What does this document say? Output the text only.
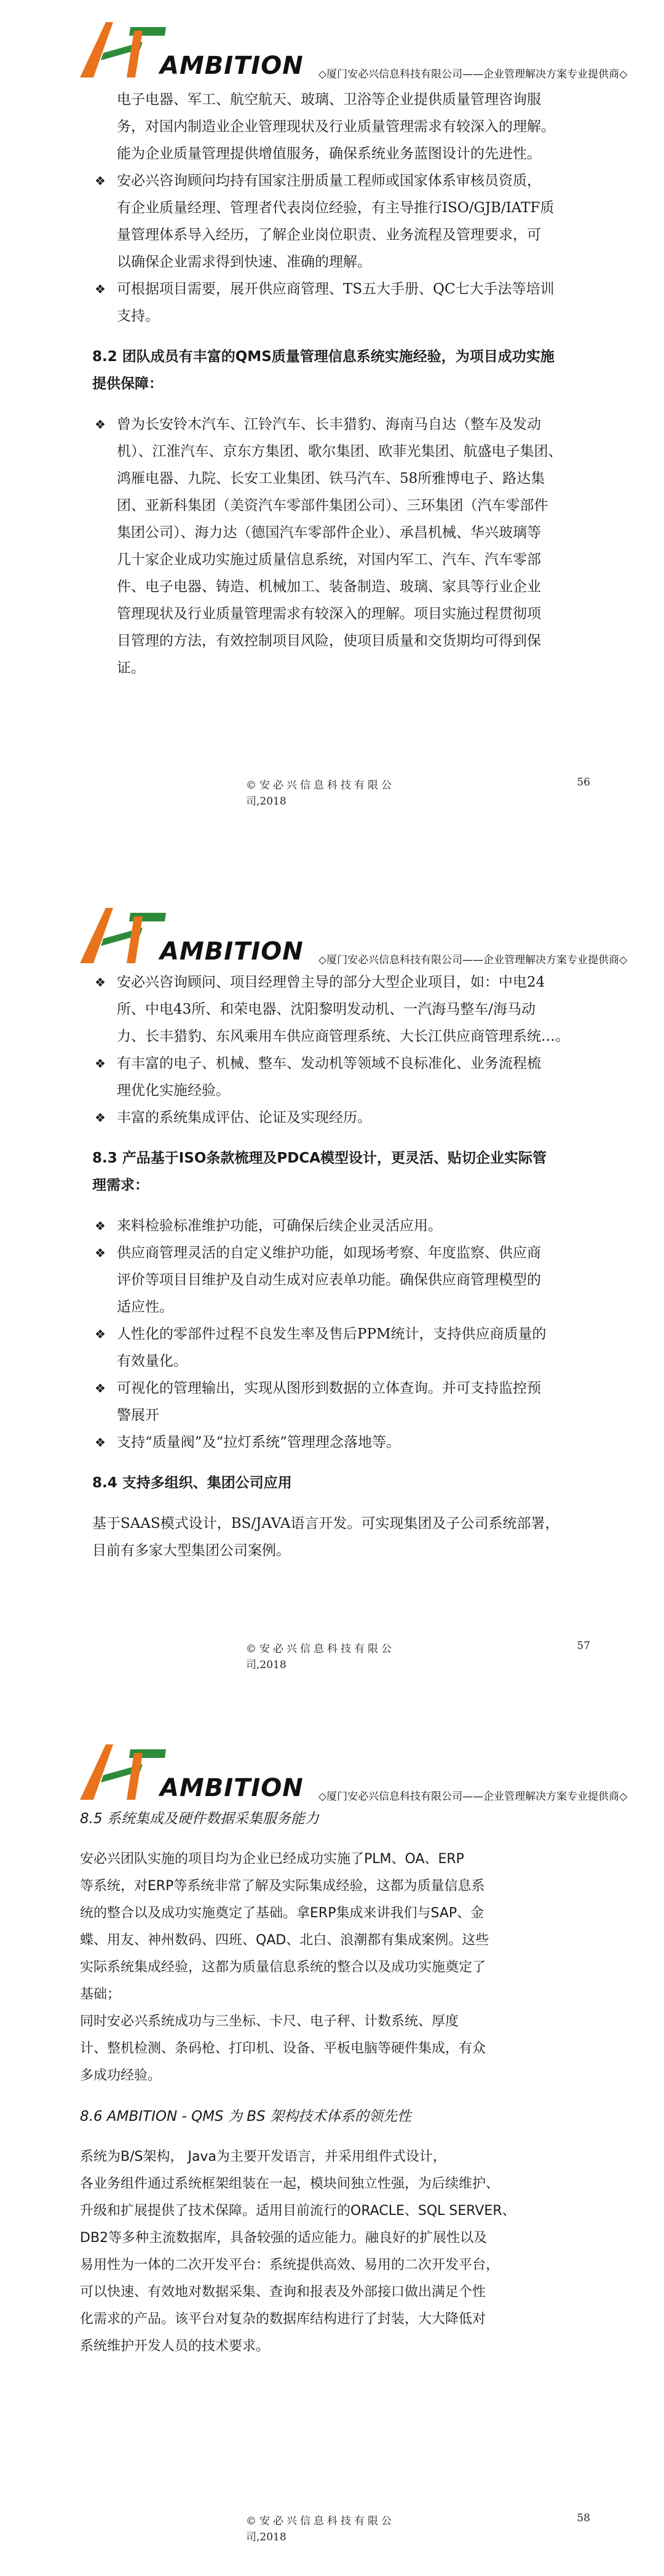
AMBITION ◇厦门安必兴信息科技有限公司——企业管理解决方案专业提供商◇
电子电器、军工、航空航天、玻璃、卫浴等企业提供质量管理咨询服
务，对国内制造业企业管理现状及行业质量管理需求有较深入的理解。
能为企业质量管理提供增值服务，确保系统业务蓝图设计的先进性。
❖ 安必兴咨询顾问均持有国家注册质量工程师或国家体系审核员资质，
有企业质量经理、管理者代表岗位经验，有主导推行ISO/GJB/IATF质
量管理体系导入经历，了解企业岗位职责、业务流程及管理要求，可
以确保企业需求得到快速、准确的理解。
❖ 可根据项目需要，展开供应商管理、TS五大手册、QC七大手法等培训
支持。
8.2 团队成员有丰富的QMS质量管理信息系统实施经验，为项目成功实施
提供保障：
❖ 曾为长安铃木汽车、江铃汽车、长丰猎豹、海南马自达（整车及发动
机）、江淮汽车、京东方集团、歌尔集团、欧菲光集团、航盛电子集团、
鸿雁电器、九院、长安工业集团、铁马汽车、58所雅博电子、路达集
团、亚新科集团（美资汽车零部件集团公司）、三环集团（汽车零部件
集团公司）、海力达（德国汽车零部件企业）、承昌机械、华兴玻璃等
几十家企业成功实施过质量信息系统，对国内军工、汽车、汽车零部
件、电子电器、铸造、机械加工、装备制造、玻璃、家具等行业企业
管理现状及行业质量管理需求有较深入的理解。项目实施过程贯彻项
目管理的方法，有效控制项目风险，使项目质量和交货期均可得到保
证。
©安必兴信息科技有限公
司,2018
56
AMBITION ◇厦门安必兴信息科技有限公司——企业管理解决方案专业提供商◇
❖ 安必兴咨询顾问、项目经理曾主导的部分大型企业项目，如：中电24
所、中电43所、和荣电器、沈阳黎明发动机、一汽海马整车/海马动
力、长丰猎豹、东风乘用车供应商管理系统、大长江供应商管理系统…。
❖ 有丰富的电子、机械、整车、发动机等领域不良标准化、业务流程梳
理优化实施经验。
❖ 丰富的系统集成评估、论证及实现经历。
8.3 产品基于ISO条款梳理及PDCA模型设计，更灵活、贴切企业实际管
理需求：
❖ 来料检验标准维护功能，可确保后续企业灵活应用。
❖ 供应商管理灵活的自定义维护功能，如现场考察、年度监察、供应商
评价等项目目维护及自动生成对应表单功能。确保供应商管理模型的
适应性。
❖ 人性化的零部件过程不良发生率及售后PPM统计，支持供应商质量的
有效量化。
❖ 可视化的管理输出，实现从图形到数据的立体查询。并可支持监控预
警展开
❖ 支持“质量阀”及“拉灯系统”管理理念落地等。
8.4 支持多组织、集团公司应用
基于SAAS模式设计，BS/JAVA语言开发。可实现集团及子公司系统部署，
目前有多家大型集团公司案例。
©安必兴信息科技有限公
司,2018
57
AMBITION ◇厦门安必兴信息科技有限公司——企业管理解决方案专业提供商◇
8.5 系统集成及硬件数据采集服务能力
安必兴团队实施的项目均为企业已经成功实施了PLM、OA、ERP
等系统，对ERP等系统非常了解及实际集成经验，这都为质量信息系
统的整合以及成功实施奠定了基础。拿ERP集成来讲我们与SAP、金
蝶、用友、神州数码、四班、QAD、北白、浪潮都有集成案例。这些
实际系统集成经验，这都为质量信息系统的整合以及成功实施奠定了
基础；
同时安必兴系统成功与三坐标、卡尺、电子秤、计数系统、厚度
计、整机检测、条码枪、打印机、设备、平板电脑等硬件集成，有众
多成功经验。
8.6 AMBITION - QMS 为 BS 架构技术体系的领先性
系统为B/S架构， Java为主要开发语言，并采用组件式设计，
各业务组件通过系统框架组装在一起，模块间独立性强，为后续维护、
升级和扩展提供了技术保障。适用目前流行的ORACLE、SQL SERVER、
DB2等多种主流数据库，具备较强的适应能力。融良好的扩展性以及
易用性为一体的二次开发平台：系统提供高效、易用的二次开发平台，
可以快速、有效地对数据采集、查询和报表及外部接口做出满足个性
化需求的产品。该平台对复杂的数据库结构进行了封装，大大降低对
系统维护开发人员的技术要求。
©安必兴信息科技有限公
司,2018
58
